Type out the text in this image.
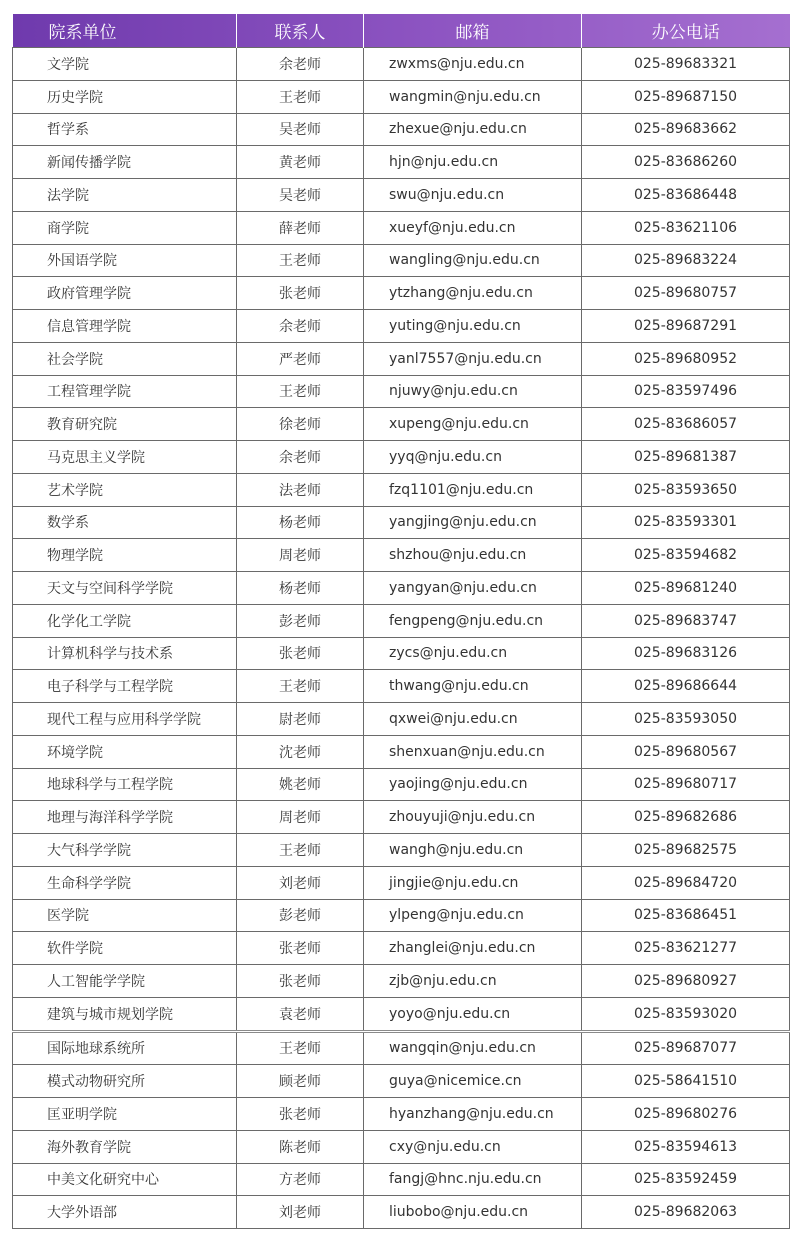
院系单位	联系人	邮箱	办公电话
文学院	余老师	zwxms@nju.edu.cn	025-89683321
历史学院	王老师	wangmin@nju.edu.cn	025-89687150
哲学系	吴老师	zhexue@nju.edu.cn	025-89683662
新闻传播学院	黄老师	hjn@nju.edu.cn	025-83686260
法学院	吴老师	swu@nju.edu.cn	025-83686448
商学院	薛老师	xueyf@nju.edu.cn	025-83621106
外国语学院	王老师	wangling@nju.edu.cn	025-89683224
政府管理学院	张老师	ytzhang@nju.edu.cn	025-89680757
信息管理学院	余老师	yuting@nju.edu.cn	025-89687291
社会学院	严老师	yanl7557@nju.edu.cn	025-89680952
工程管理学院	王老师	njuwy@nju.edu.cn	025-83597496
教育研究院	徐老师	xupeng@nju.edu.cn	025-83686057
马克思主义学院	余老师	yyq@nju.edu.cn	025-89681387
艺术学院	法老师	fzq1101@nju.edu.cn	025-83593650
数学系	杨老师	yangjing@nju.edu.cn	025-83593301
物理学院	周老师	shzhou@nju.edu.cn	025-83594682
天文与空间科学学院	杨老师	yangyan@nju.edu.cn	025-89681240
化学化工学院	彭老师	fengpeng@nju.edu.cn	025-89683747
计算机科学与技术系	张老师	zycs@nju.edu.cn	025-89683126
电子科学与工程学院	王老师	thwang@nju.edu.cn	025-89686644
现代工程与应用科学学院	尉老师	qxwei@nju.edu.cn	025-83593050
环境学院	沈老师	shenxuan@nju.edu.cn	025-89680567
地球科学与工程学院	姚老师	yaojing@nju.edu.cn	025-89680717
地理与海洋科学学院	周老师	zhouyuji@nju.edu.cn	025-89682686
大气科学学院	王老师	wangh@nju.edu.cn	025-89682575
生命科学学院	刘老师	jingjie@nju.edu.cn	025-89684720
医学院	彭老师	ylpeng@nju.edu.cn	025-83686451
软件学院	张老师	zhanglei@nju.edu.cn	025-83621277
人工智能学学院	张老师	zjb@nju.edu.cn	025-89680927
建筑与城市规划学院	袁老师	yoyo@nju.edu.cn	025-83593020
国际地球系统所	王老师	wangqin@nju.edu.cn	025-89687077
模式动物研究所	顾老师	guya@nicemice.cn	025-58641510
匡亚明学院	张老师	hyanzhang@nju.edu.cn	025-89680276
海外教育学院	陈老师	cxy@nju.edu.cn	025-83594613
中美文化研究中心	方老师	fangj@hnc.nju.edu.cn	025-83592459
大学外语部	刘老师	liubobo@nju.edu.cn	025-89682063
